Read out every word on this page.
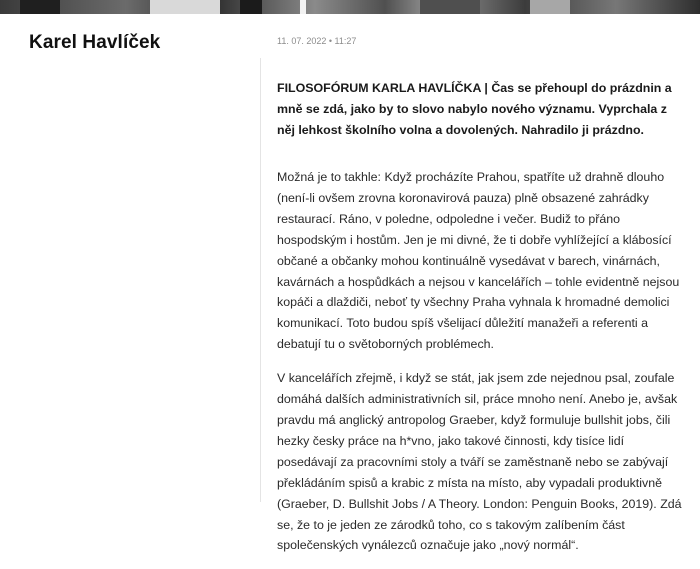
Karel Havlíček	11. 07. 2022 • 11:27

FILOSOFÓRUM KARLA HAVLÍČKA | Čas se přehoupl do prázdnin a mně se zdá, jako by to slovo nabylo nového významu. Vyprchala z něj lehkost školního volna a dovolených. Nahradilo ji prázdno.

Možná je to takhle: Když procházíte Prahou, spatříte už drahně dlouho (není-li ovšem zrovna koronavirová pauza) plně obsazené zahrádky restaurací. Ráno, v poledne, odpoledne i večer. Budiž to přáno hospodským i hostům. Jen je mi divné, že ti dobře vyhlížející a klábosící občané a občanky mohou kontinuálně vysedávat v barech, vinárnách, kavárnách a hospůdkách a nejsou v kancelářích – tohle evidentně nejsou kopáči a dlaždiči, neboť ty všechny Praha vyhnala k hromadné demolici komunikací. Toto budou spíš všelijací důležití manažeři a referenti a debatují tu o světoborných problémech.

V kancelářích zřejmě, i když se stát, jak jsem zde nejednou psal, zoufale domáhá dalších administrativních sil, práce mnoho není. Anebo je, avšak pravdu má anglický antropolog Graeber, když formuluje bullshit jobs, čili hezky česky práce na h*vno, jako takové činnosti, kdy tisíce lidí posedávají za pracovními stoly a tváří se zaměstnaně nebo se zabývají překládáním spisů a krabic z místa na místo, aby vypadali produktivně (Graeber, D. Bullshit Jobs / A Theory. London: Penguin Books, 2019). Zdá se, že to je jeden ze zárodků toho, co s takovým zalíbením část společenských vynálezců označuje jako „nový normál“.
